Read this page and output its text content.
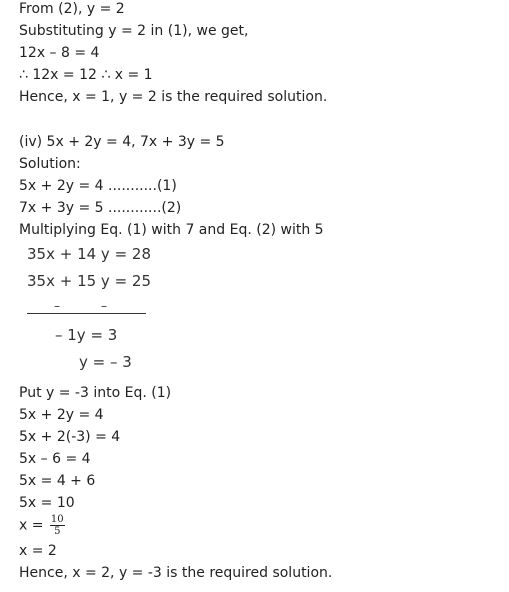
From (2), y = 2
Substituting y = 2 in (1), we get,
12x – 8 = 4
∴ 12x = 12 ∴ x = 1
Hence, x = 1, y = 2 is the required solution.
(iv) 5x + 2y = 4, 7x + 3y = 5
Solution:
5x + 2y = 4 ...........(1)
7x + 3y = 5 ............(2)
Multiplying Eq. (1) with 7 and Eq. (2) with 5
35x + 14 y = 28
35x + 15 y = 25
–	–
– 1y = 3
y = – 3
Put y = -3 into Eq. (1)
5x + 2y = 4
5x + 2(-3) = 4
5x – 6 = 4
5x = 4 + 6
5x = 10
$x = \frac{10}{5}$
x = 2
Hence, x = 2, y = -3 is the required solution.
